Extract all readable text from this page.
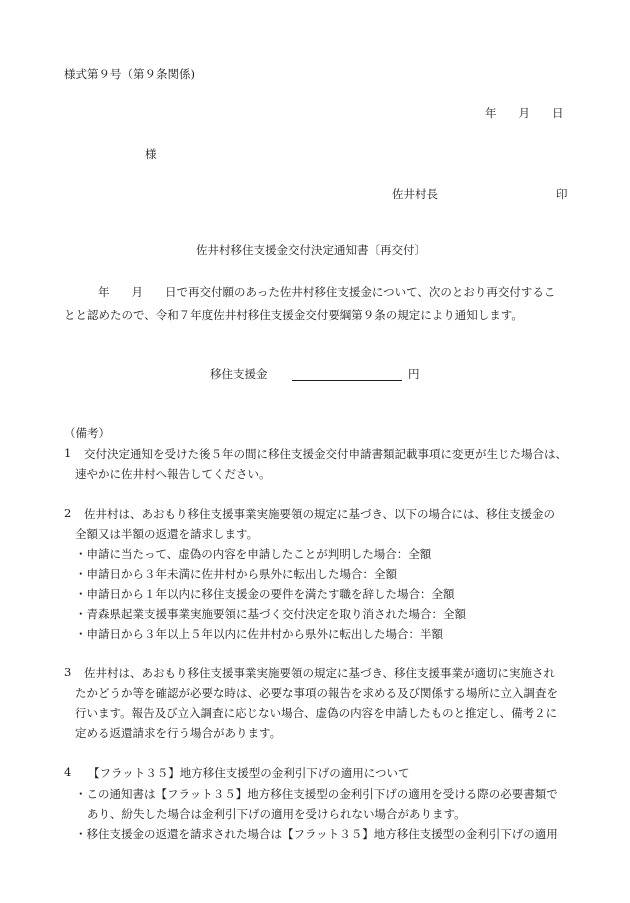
様式第９号（第９条関係)
年 月 日
様
佐井村長	印
佐井村移住支援金交付決定通知書〔再交付〕
年 月 日で再交付願のあった佐井村移住支援金について、次のとおり再交付するこ
とと認めたので、令和７年度佐井村移住支援金交付要綱第９条の規定により通知します。
移住支援金	円
（備考）
1 交付決定通知を受けた後５年の間に移住支援金交付申請書類記載事項に変更が生じた場合は、
速やかに佐井村へ報告してください。
2 佐井村は、あおもり移住支援事業実施要領の規定に基づき、以下の場合には、移住支援金の
全額又は半額の返還を請求します。
・申請に当たって、虚偽の内容を申請したことが判明した場合：全額
・申請日から３年未満に佐井村から県外に転出した場合：全額
・申請日から１年以内に移住支援金の要件を満たす職を辞した場合：全額
・青森県起業支援事業実施要領に基づく交付決定を取り消された場合：全額
・申請日から３年以上５年以内に佐井村から県外に転出した場合：半額
3 佐井村は、あおもり移住支援事業実施要領の規定に基づき、移住支援事業が適切に実施され
たかどうか等を確認が必要な時は、必要な事項の報告を求める及び関係する場所に立入調査を
行います。報告及び立入調査に応じない場合、虚偽の内容を申請したものと推定し、備考２に
定める返還請求を行う場合があります。
4 【フラット３５】地方移住支援型の金利引下げの適用について
・この通知書は【フラット３５】地方移住支援型の金利引下げの適用を受ける際の必要書類で
あり、紛失した場合は金利引下げの適用を受けられない場合があります。
・移住支援金の返還を請求された場合は【フラット３５】地方移住支援型の金利引下げの適用
